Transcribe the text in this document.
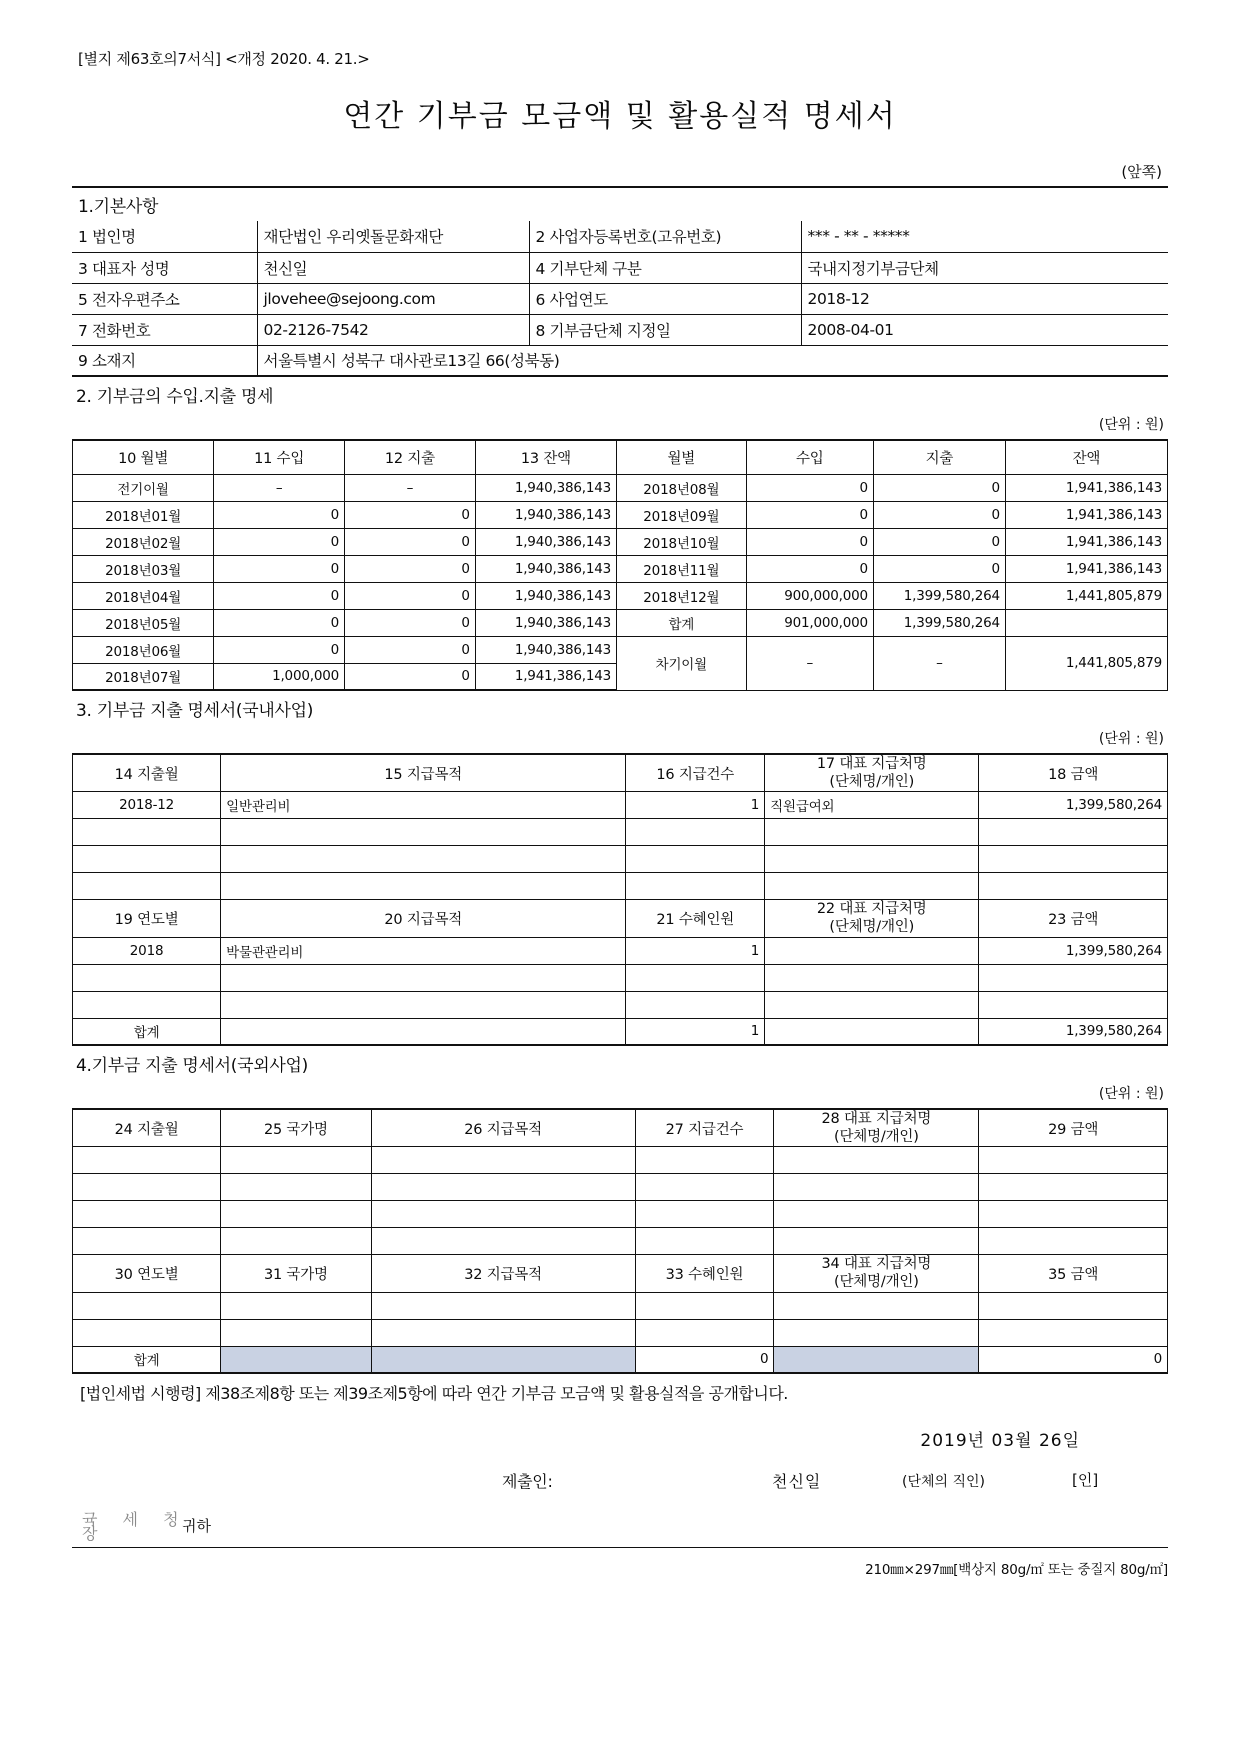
[별지 제63호의7서식] <개정 2020. 4. 21.>
연간 기부금 모금액 및 활용실적 명세서
(앞쪽)
1.기본사항
1 법인명	재단법인 우리옛돌문화재단	2 사업자등록번호(고유번호)	*** - ** - *****
3 대표자 성명	천신일	4 기부단체 구분	국내지정기부금단체
5 전자우편주소	jlovehee@sejoong.com	6 사업연도	2018-12
7 전화번호	02-2126-7542	8 기부금단체 지정일	2008-04-01
9 소재지	서울특별시 성북구 대사관로13길 66(성북동)		
2. 기부금의 수입.지출 명세
(단위 : 원)
10 월별	11 수입	12 지출	13 잔액	월별	수입	지출	잔액
전기이월	–	–	1,940,386,143	2018년08월	0	0	1,941,386,143
2018년01월	0	0	1,940,386,143	2018년09월	0	0	1,941,386,143
2018년02월	0	0	1,940,386,143	2018년10월	0	0	1,941,386,143
2018년03월	0	0	1,940,386,143	2018년11월	0	0	1,941,386,143
2018년04월	0	0	1,940,386,143	2018년12월	900,000,000	1,399,580,264	1,441,805,879
2018년05월	0	0	1,940,386,143	합계	901,000,000	1,399,580,264	
2018년06월	0	0	1,940,386,143	차기이월	–	–	1,441,805,879
2018년07월	1,000,000	0	1,941,386,143				
3. 기부금 지출 명세서(국내사업)
(단위 : 원)
14 지출월	15 지급목적	16 지급건수	17 대표 지급처명
(단체명/개인)	18 금액
2018-12	일반관리비	1	직원급여외	1,399,580,264

19 연도별	20 지급목적	21 수혜인원	22 대표 지급처명
(단체명/개인)	23 금액
2018	박물관관리비	1		1,399,580,264

합계		1		1,399,580,264
4.기부금 지출 명세서(국외사업)
(단위 : 원)
24 지출월	25 국가명	26 지급목적	27 지급건수	28 대표 지급처명
(단체명/개인)	29 금액

30 연도별	31 국가명	32 지급목적	33 수혜인원	34 대표 지급처명
(단체명/개인)	35 금액

합계			0		0
[법인세법 시행령] 제38조제8항 또는 제39조제5항에 따라 연간 기부금 모금액 및 활용실적을 공개합니다.
2019년 03월 26일
제출인:	천신일	(단체의 직인)	[인]
귝 세 청
장	귀하
210㎜×297㎜[백상지 80g/㎡ 또는 중질지 80g/㎡]
